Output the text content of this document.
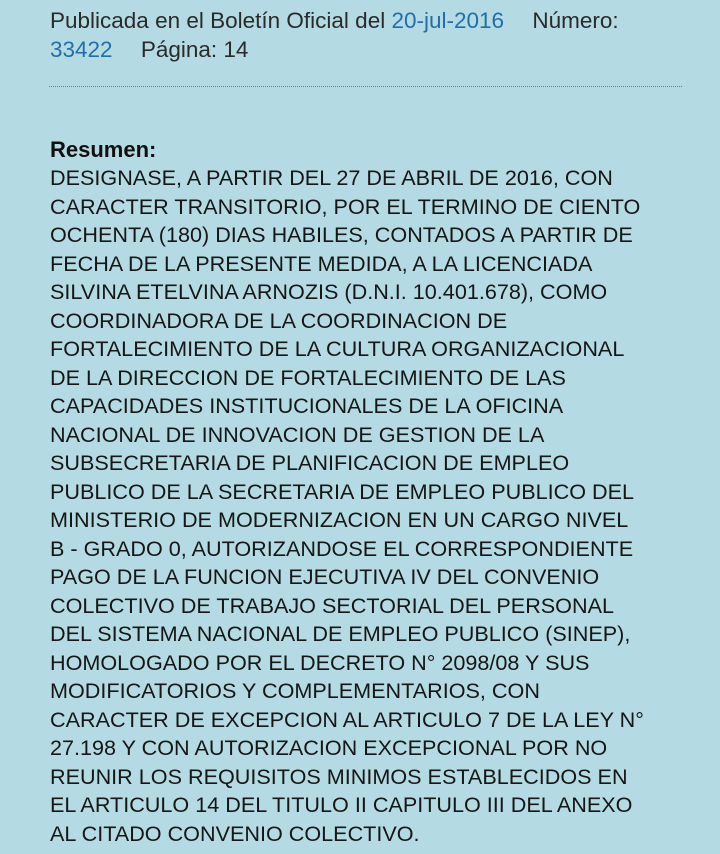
Publicada en el Boletín Oficial del 20-jul-2016 Número:
33422 Página: 14
Resumen:
DESIGNASE, A PARTIR DEL 27 DE ABRIL DE 2016, CON
CARACTER TRANSITORIO, POR EL TERMINO DE CIENTO
OCHENTA (180) DIAS HABILES, CONTADOS A PARTIR DE
FECHA DE LA PRESENTE MEDIDA, A LA LICENCIADA
SILVINA ETELVINA ARNOZIS (D.N.I. 10.401.678), COMO
COORDINADORA DE LA COORDINACION DE
FORTALECIMIENTO DE LA CULTURA ORGANIZACIONAL
DE LA DIRECCION DE FORTALECIMIENTO DE LAS
CAPACIDADES INSTITUCIONALES DE LA OFICINA
NACIONAL DE INNOVACION DE GESTION DE LA
SUBSECRETARIA DE PLANIFICACION DE EMPLEO
PUBLICO DE LA SECRETARIA DE EMPLEO PUBLICO DEL
MINISTERIO DE MODERNIZACION EN UN CARGO NIVEL
B - GRADO 0, AUTORIZANDOSE EL CORRESPONDIENTE
PAGO DE LA FUNCION EJECUTIVA IV DEL CONVENIO
COLECTIVO DE TRABAJO SECTORIAL DEL PERSONAL
DEL SISTEMA NACIONAL DE EMPLEO PUBLICO (SINEP),
HOMOLOGADO POR EL DECRETO N° 2098/08 Y SUS
MODIFICATORIOS Y COMPLEMENTARIOS, CON
CARACTER DE EXCEPCION AL ARTICULO 7 DE LA LEY N°
27.198 Y CON AUTORIZACION EXCEPCIONAL POR NO
REUNIR LOS REQUISITOS MINIMOS ESTABLECIDOS EN
EL ARTICULO 14 DEL TITULO II CAPITULO III DEL ANEXO
AL CITADO CONVENIO COLECTIVO.
